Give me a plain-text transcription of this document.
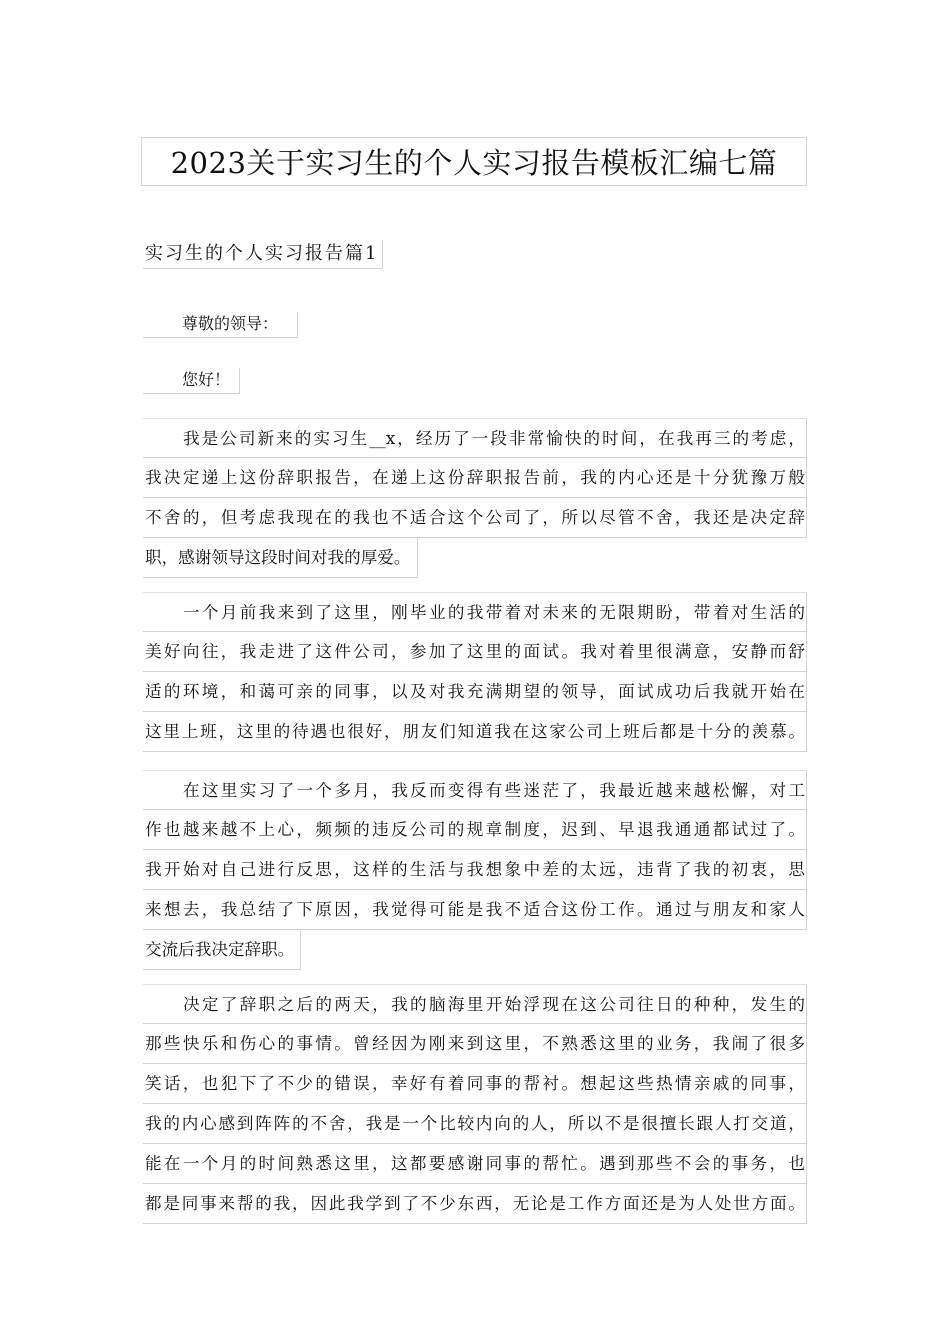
2023关于实习生的个人实习报告模板汇编七篇
实习生的个人实习报告篇1
尊敬的领导：
您好！
我是公司新来的实习生__x，经历了一段非常愉快的时间，在我再三的考虑，
我决定递上这份辞职报告，在递上这份辞职报告前，我的内心还是十分犹豫万般
不舍的，但考虑我现在的我也不适合这个公司了，所以尽管不舍，我还是决定辞
职，感谢领导这段时间对我的厚爱。
一个月前我来到了这里，刚毕业的我带着对未来的无限期盼，带着对生活的
美好向往，我走进了这件公司，参加了这里的面试。我对着里很满意，安静而舒
适的环境，和蔼可亲的同事，以及对我充满期望的领导，面试成功后我就开始在
这里上班，这里的待遇也很好，朋友们知道我在这家公司上班后都是十分的羡慕。
在这里实习了一个多月，我反而变得有些迷茫了，我最近越来越松懈，对工
作也越来越不上心，频频的违反公司的规章制度，迟到、早退我通通都试过了。
我开始对自己进行反思，这样的生活与我想象中差的太远，违背了我的初衷，思
来想去，我总结了下原因，我觉得可能是我不适合这份工作。通过与朋友和家人
交流后我决定辞职。
决定了辞职之后的两天，我的脑海里开始浮现在这公司往日的种种，发生的
那些快乐和伤心的事情。曾经因为刚来到这里，不熟悉这里的业务，我闹了很多
笑话，也犯下了不少的错误，幸好有着同事的帮衬。想起这些热情亲戚的同事，
我的内心感到阵阵的不舍，我是一个比较内向的人，所以不是很擅长跟人打交道，
能在一个月的时间熟悉这里，这都要感谢同事的帮忙。遇到那些不会的事务，也
都是同事来帮的我，因此我学到了不少东西，无论是工作方面还是为人处世方面。
